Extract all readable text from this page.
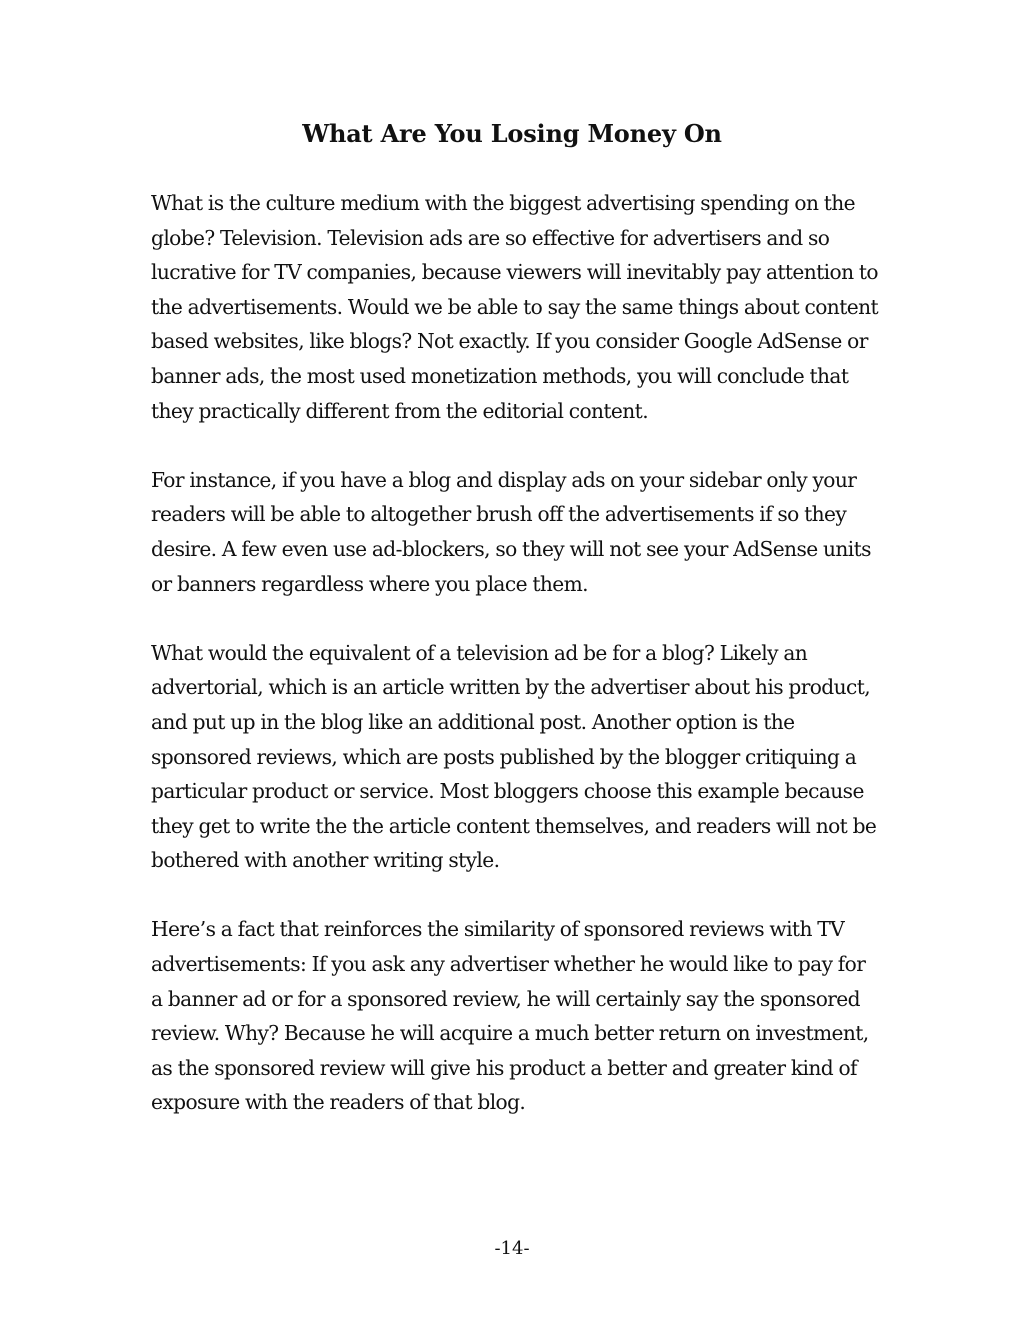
What Are You Losing Money On

What is the culture medium with the biggest advertising spending on the globe? Television. Television ads are so effective for advertisers and so lucrative for TV companies, because viewers will inevitably pay attention to the advertisements. Would we be able to say the same things about content based websites, like blogs? Not exactly. If you consider Google AdSense or banner ads, the most used monetization methods, you will conclude that they practically different from the editorial content.

For instance, if you have a blog and display ads on your sidebar only your readers will be able to altogether brush off the advertisements if so they desire. A few even use ad-blockers, so they will not see your AdSense units or banners regardless where you place them.

What would the equivalent of a television ad be for a blog? Likely an advertorial, which is an article written by the advertiser about his product, and put up in the blog like an additional post. Another option is the sponsored reviews, which are posts published by the blogger critiquing a particular product or service. Most bloggers choose this example because they get to write the the article content themselves, and readers will not be bothered with another writing style.

Here’s a fact that reinforces the similarity of sponsored reviews with TV advertisements: If you ask any advertiser whether he would like to pay for a banner ad or for a sponsored review, he will certainly say the sponsored review. Why? Because he will acquire a much better return on investment, as the sponsored review will give his product a better and greater kind of exposure with the readers of that blog.

-14-
